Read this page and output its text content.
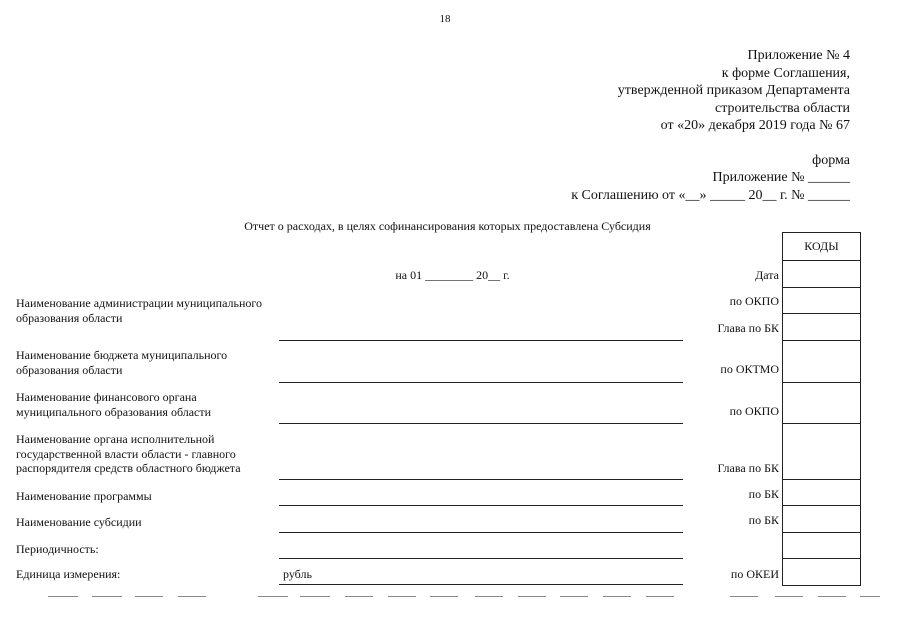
18
Приложение № 4
к форме Соглашения,
утвержденной приказом Департамента
строительства области
от «20» декабря 2019 года № 67
форма
Приложение № ______
к Соглашению от «__» _____ 20__ г. № ______
Отчет о расходах, в целях софинансирования которых предоставлена Субсидия
на 01 ________ 20__ г.
Наименование администрации муниципального образования области
Наименование бюджета муниципального образования области
Наименование финансового органа муниципального образования области
Наименование органа исполнительной государственной власти области - главного распорядителя средств областного бюджета
Наименование программы
Наименование субсидии
Периодичность:
Единица измерения:	рубль
Дата
по ОКПО
Глава по БК
по ОКТМО
по ОКПО
Глава по БК
по БК
по БК
по ОКЕИ
КОДЫ
